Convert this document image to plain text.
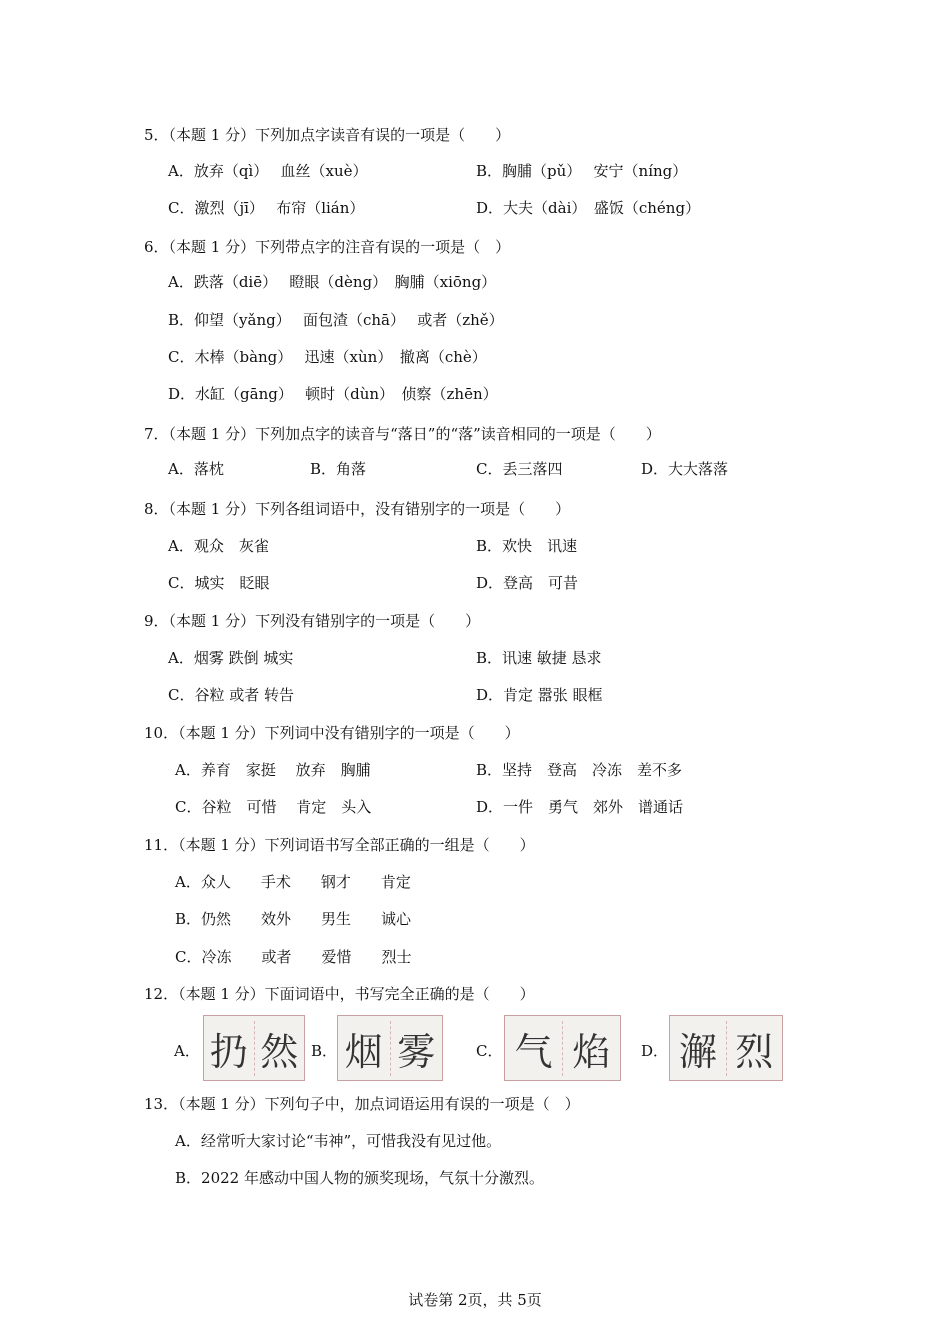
5．（本题 1 分）下列加点字读音有误的一项是（　　）
A．放弃（qì）　 血丝（xuè）	B．胸脯（pǔ）　 安宁（níng）
C．激烈（jī）　 布帘（lián）	D．大夫（dài）　盛饭（chéng）
6．（本题 1 分）下列带点字的注音有误的一项是（　）
A．跌落（diē）　 瞪眼（dèng）　胸脯（xiōng）
B．仰望（yǎng）　 面包渣（chā）　 或者（zhě）
C．木棒（bàng）　 迅速（xùn）　撤离（chè）
D．水缸（gāng）　 顿时（dùn）　侦察（zhēn）
7．（本题 1 分）下列加点字的读音与“落日”的“落”读音相同的一项是（　　）
A．落枕	B．角落	C．丢三落四	D．大大落落
8．（本题 1 分）下列各组词语中，没有错别字的一项是（　　）
A．观众　灰雀	B．欢快　讯速
C．城实　眨眼	D．登高　可昔
9．（本题 1 分）下列没有错别字的一项是（　　）
A．烟雾 跌倒 城实	B．讯速 敏捷 恳求
C．谷粒 或者 转告	D．肯定 嚣张 眼框
10．（本题 1 分）下列词中没有错别字的一项是（　　）
A．养育　家挺　 放弃　胸脯	B．坚持　登高　冷冻　差不多
C．谷粒　可惜　 肯定　头入	D．一件　勇气　郊外　谱通话
11．（本题 1 分）下列词语书写全部正确的一组是（　　）
A．众人　　手术　　钢才　　肯定
B．仍然　　效外　　男生　　诚心
C．冷冻　　或者　　爱惜　　烈士
12．（本题 1 分）下面词语中，书写完全正确的是（　　）
A． 扔 然 B． 烟 雾	C． 气 焰	D． 澥 烈
13．（本题 1 分）下列句子中，加点词语运用有误的一项是（　）
A．经常听大家讨论“韦神”，可惜我没有见过他。
B．2022 年感动中国人物的颁奖现场，气氛十分激烈。
试卷第 2页，共 5页
